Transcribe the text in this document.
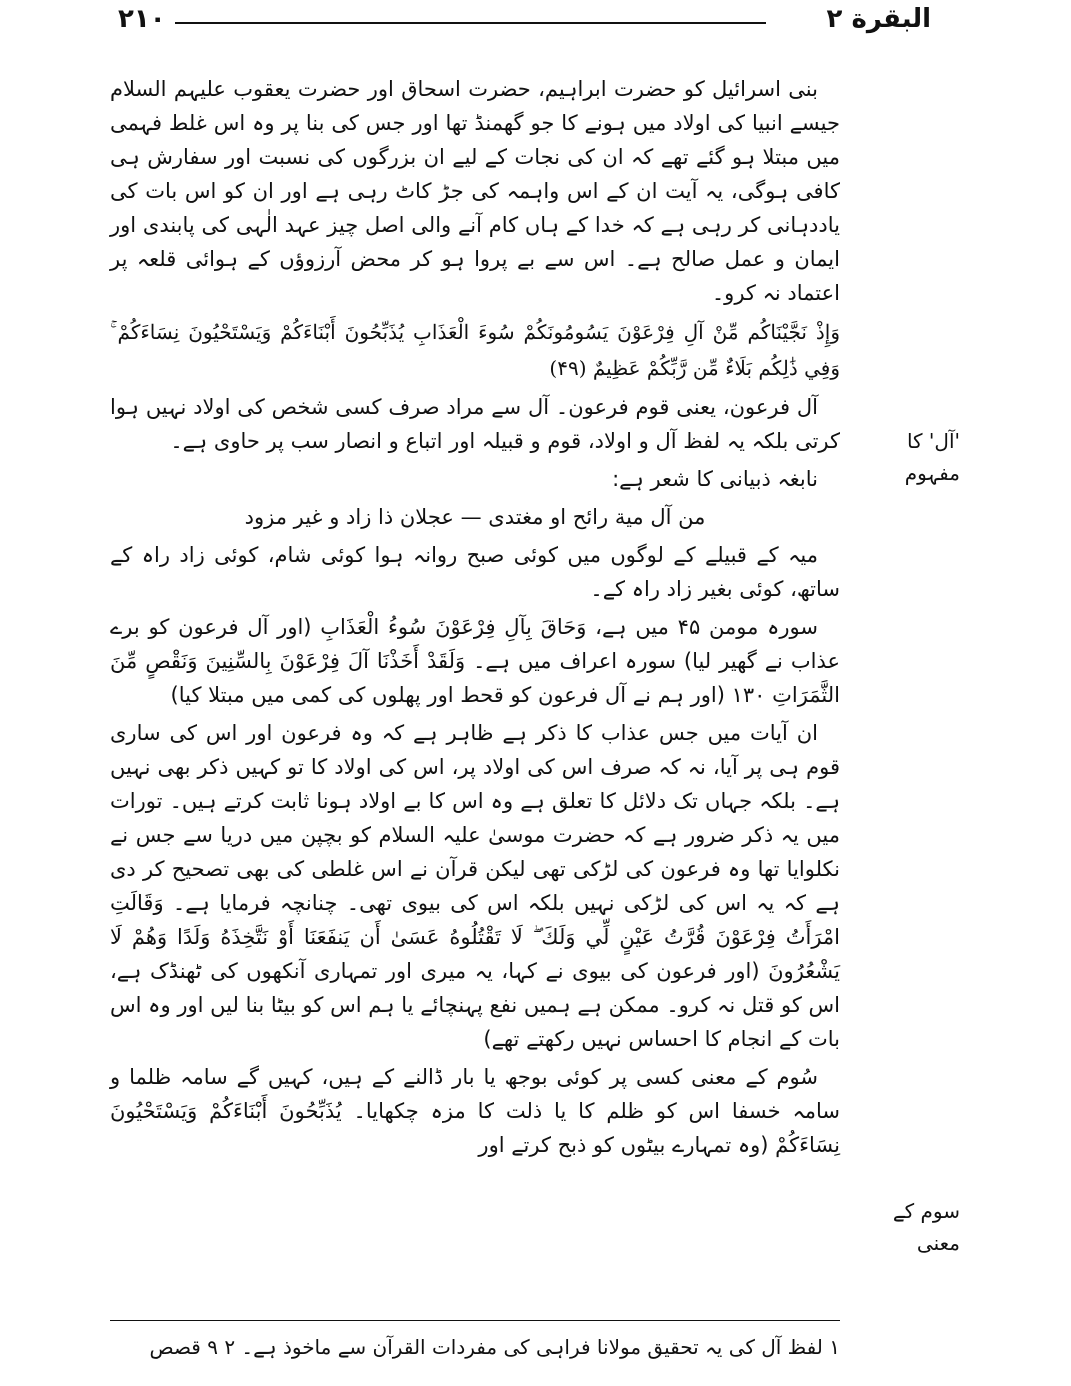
البقرة ٢
٢١٠

بنی اسرائیل کو حضرت ابراہیم، حضرت اسحاق اور حضرت یعقوب علیہم السلام جیسے انبیا کی اولاد میں ہونے کا جو گھمنڈ تھا اور جس کی بنا پر وہ اس غلط فہمی میں مبتلا ہو گئے تھے کہ ان کی نجات کے لیے ان بزرگوں کی نسبت اور سفارش ہی کافی ہوگی، یہ آیت ان کے اس واہمہ کی جڑ کاٹ رہی ہے اور ان کو اس بات کی یاددہانی کر رہی ہے کہ خدا کے ہاں کام آنے والی اصل چیز عہد الٰہی کی پابندی اور ایمان و عمل صالح ہے۔ اس سے بے پروا ہو کر محض آرزوؤں کے ہوائی قلعہ پر اعتماد نہ کرو۔

وَإِذْ نَجَّيْنَاكُم مِّنْ آلِ فِرْعَوْنَ يَسُومُونَكُمْ سُوءَ الْعَذَابِ يُذَبِّحُونَ أَبْنَاءَكُمْ وَيَسْتَحْيُونَ نِسَاءَكُمْ ۚ وَفِي ذَٰلِكُم بَلَاءٌ مِّن رَّبِّكُمْ عَظِيمٌ (۴۹)

آل فرعون، یعنی قوم فرعون۔ آل سے مراد صرف کسی شخص کی اولاد نہیں ہوا کرتی بلکہ یہ لفظ آل و اولاد، قوم و قبیلہ اور اتباع و انصار سب پر حاوی ہے۔

نابغہ ذبیانی کا شعر ہے:

من آل میة رائح او مغتدی — عجلان ذا زاد و غیر مزود

میہ کے قبیلے کے لوگوں میں کوئی صبح روانہ ہوا کوئی شام، کوئی زاد راہ کے ساتھ، کوئی بغیر زاد راہ کے۔

سورہ مومن ۴۵ میں ہے، وَحَاقَ بِآلِ فِرْعَوْنَ سُوءُ الْعَذَابِ (اور آل فرعون کو برے عذاب نے گھیر لیا) سورہ اعراف میں ہے۔ وَلَقَدْ أَخَذْنَا آلَ فِرْعَوْنَ بِالسِّنِينَ وَنَقْصٍ مِّنَ الثَّمَرَاتِ ۱۳۰ (اور ہم نے آل فرعون کو قحط اور پھلوں کی کمی میں مبتلا کیا)

ان آیات میں جس عذاب کا ذکر ہے ظاہر ہے کہ وہ فرعون اور اس کی ساری قوم ہی پر آیا، نہ کہ صرف اس کی اولاد پر، اس کی اولاد کا تو کہیں ذکر بھی نہیں ہے۔ بلکہ جہاں تک دلائل کا تعلق ہے وہ اس کا بے اولاد ہونا ثابت کرتے ہیں۔ تورات میں یہ ذکر ضرور ہے کہ حضرت موسیٰ علیہ السلام کو بچپن میں دریا سے جس نے نکلوایا تھا وہ فرعون کی لڑکی تھی لیکن قرآن نے اس غلطی کی بھی تصحیح کر دی ہے کہ یہ اس کی لڑکی نہیں بلکہ اس کی بیوی تھی۔ چنانچہ فرمایا ہے۔ وَقَالَتِ امْرَأَتُ فِرْعَوْنَ قُرَّتُ عَيْنٍ لِّي وَلَكَ ۖ لَا تَقْتُلُوهُ عَسَىٰ أَن يَنفَعَنَا أَوْ نَتَّخِذَهُ وَلَدًا وَهُمْ لَا يَشْعُرُونَ (اور فرعون کی بیوی نے کہا، یہ میری اور تمہاری آنکھوں کی ٹھنڈک ہے، اس کو قتل نہ کرو۔ ممکن ہے ہمیں نفع پہنچائے یا ہم اس کو بیٹا بنا لیں اور وہ اس بات کے انجام کا احساس نہیں رکھتے تھے)

سُوم کے معنی کسی پر کوئی بوجھ یا بار ڈالنے کے ہیں، کہیں گے سامہ ظلما و سامہ خسفا اس کو ظلم کا یا ذلت کا مزہ چکھایا۔ يُذَبِّحُونَ أَبْنَاءَكُمْ وَيَسْتَحْيُونَ نِسَاءَكُمْ (وہ تمہارے بیٹوں کو ذبح کرتے اور

'آل' کا مفہوم
سوم کے معنی
۱ لفظ آل کی یہ تحقیق مولانا فراہی کی مفردات القرآن سے ماخوذ ہے۔ ۲ ۹ قصص
